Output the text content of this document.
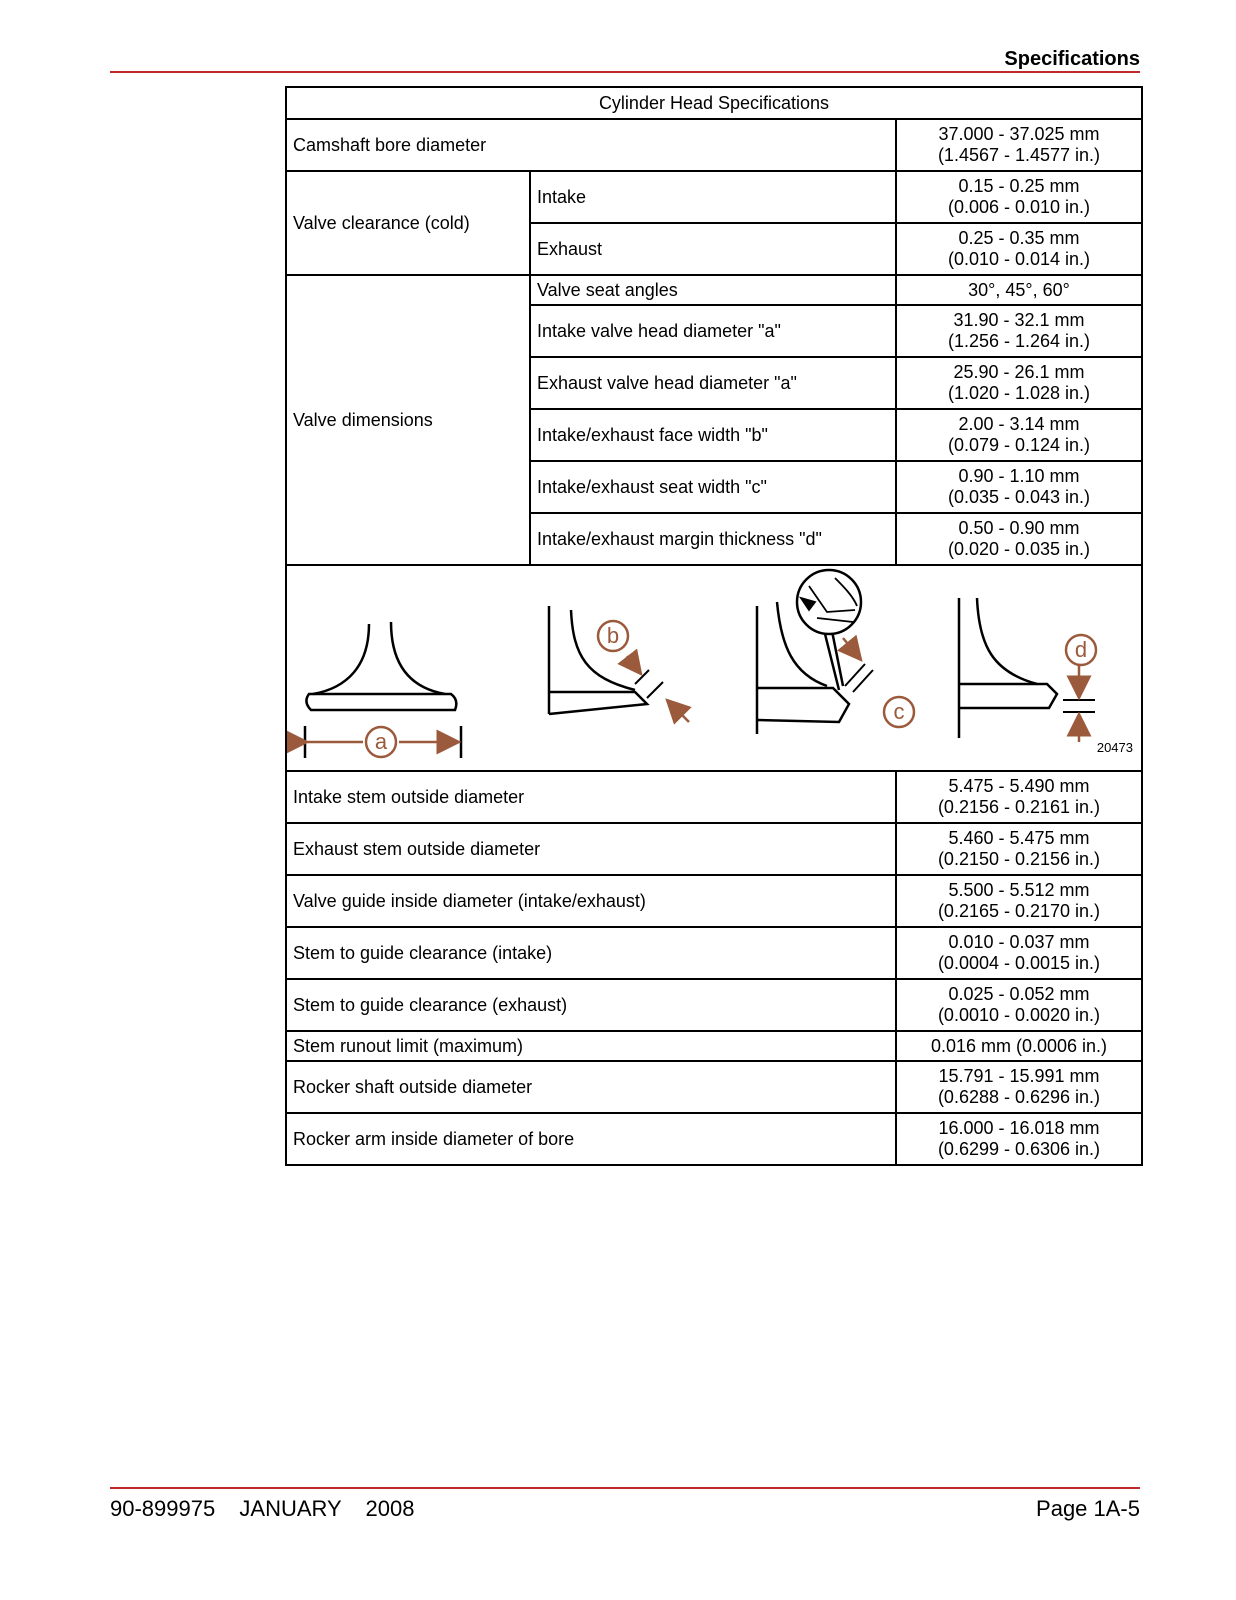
Specifications
Cylinder Head Specifications		
Camshaft bore diameter		37.000 - 37.025 mm
(1.4567 - 1.4577 in.)

Valve clearance (cold)	Intake	0.15 - 0.25 mm
(0.006 - 0.010 in.)

	Exhaust	0.25 - 0.35 mm
(0.010 - 0.014 in.)

Valve dimensions	Valve seat angles	30°, 45°, 60°
	Intake valve head diameter "a"	31.90 - 32.1 mm
(1.256 - 1.264 in.)

	Exhaust valve head diameter "a"	25.90 - 26.1 mm
(1.020 - 1.028 in.)

	Intake/exhaust face width "b"	2.00 - 3.14 mm
(0.079 - 0.124 in.)

	Intake/exhaust seat width "c"	0.90 - 1.10 mm
(0.035 - 0.043 in.)

	Intake/exhaust margin thickness "d"	0.50 - 0.90 mm
(0.020 - 0.035 in.)

a
b
c
d
20473		

Intake stem outside diameter		5.475 - 5.490 mm
(0.2156 - 0.2161 in.)

Exhaust stem outside diameter		5.460 - 5.475 mm
(0.2150 - 0.2156 in.)

Valve guide inside diameter (intake/exhaust)		5.500 - 5.512 mm
(0.2165 - 0.2170 in.)

Stem to guide clearance (intake)		0.010 - 0.037 mm
(0.0004 - 0.0015 in.)

Stem to guide clearance (exhaust)		0.025 - 0.052 mm
(0.0010 - 0.0020 in.)

Stem runout limit (maximum)		0.016 mm (0.0006 in.)
Rocker shaft outside diameter		15.791 - 15.991 mm
(0.6288 - 0.6296 in.)

Rocker arm inside diameter of bore		16.000 - 16.018 mm
(0.6299 - 0.6306 in.)
90-899975  JANUARY  2008	Page 1A-5
